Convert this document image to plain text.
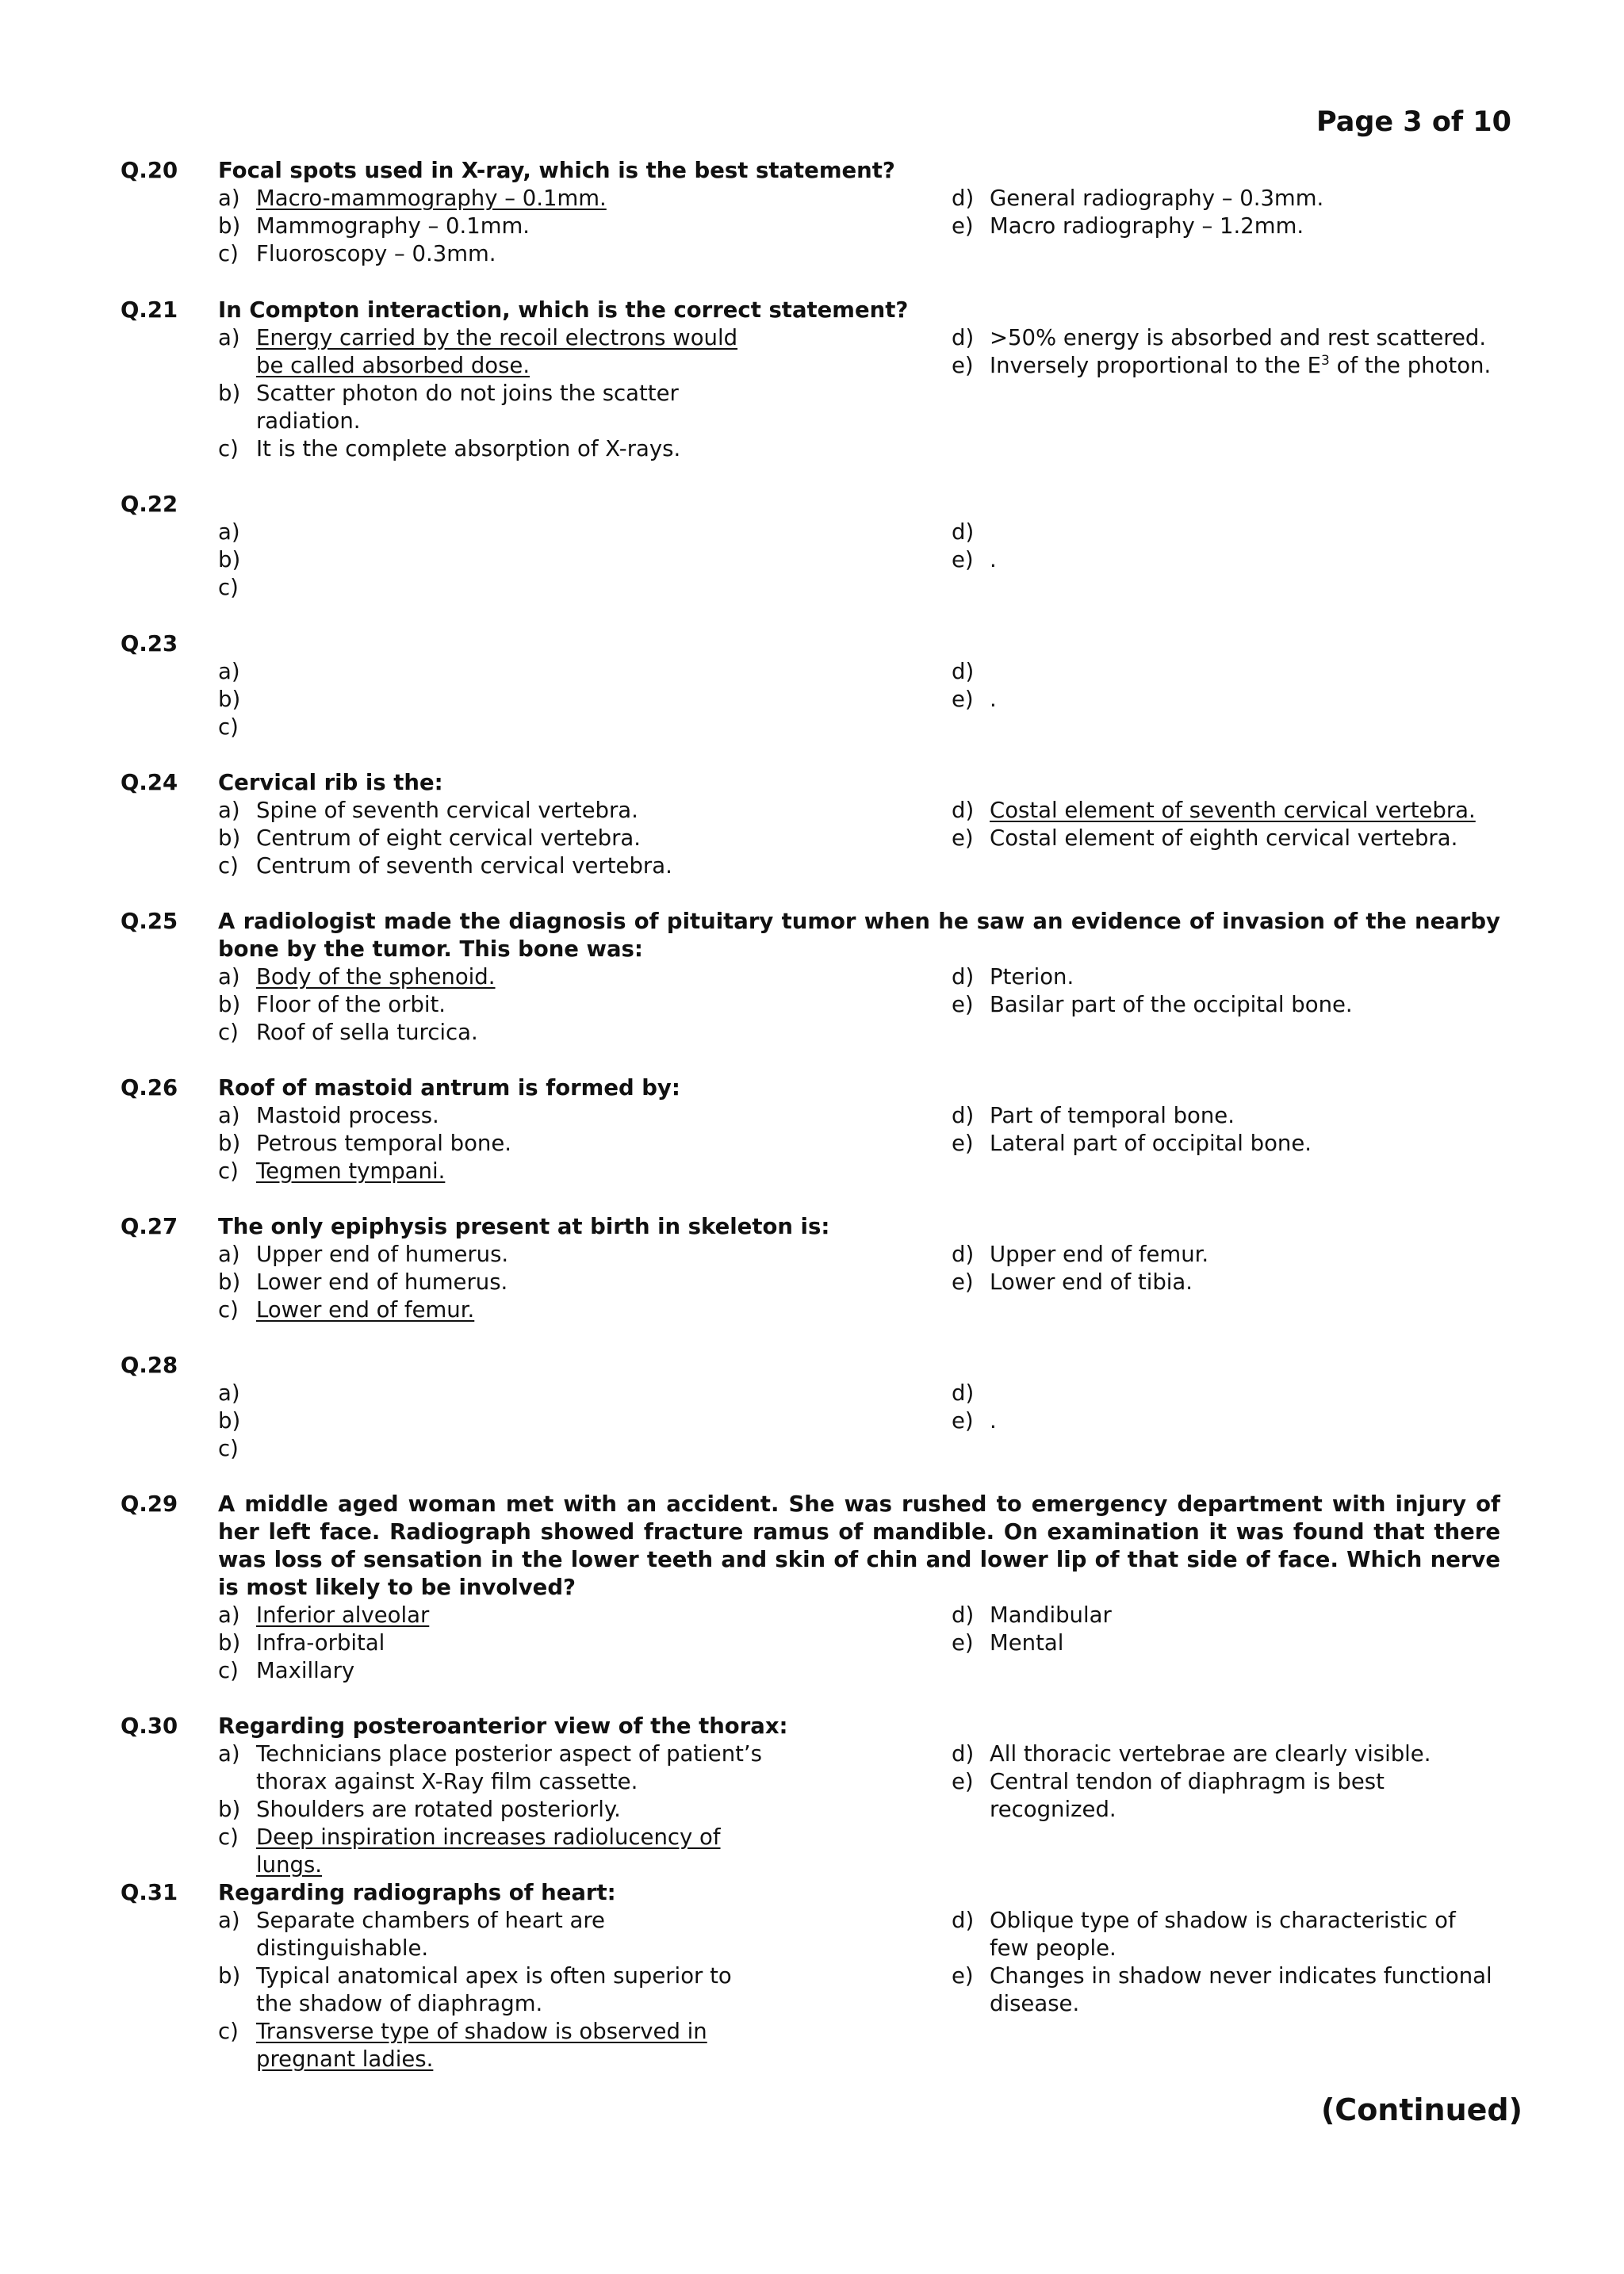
Page 3 of 10
Q.20	Focal spots used in X-ray, which is the best statement?
a) Macro-mammography – 0.1mm.
b) Mammography – 0.1mm.
c) Fluoroscopy – 0.3mm.
d) General radiography – 0.3mm.
e) Macro radiography – 1.2mm.
Q.21	In Compton interaction, which is the correct statement?
a) Energy carried by the recoil electrons would be called absorbed dose.
b) Scatter photon do not joins the scatter radiation.
c) It is the complete absorption of X-rays.
d) >50% energy is absorbed and rest scattered.
e) Inversely proportional to the $E^3$ of the photon.
Q.22
a)
b)
c)
d)
e) .
Q.23
a)
b)
c)
d)
e) .
Q.24	Cervical rib is the:
a) Spine of seventh cervical vertebra.
b) Centrum of eight cervical vertebra.
c) Centrum of seventh cervical vertebra.
d) Costal element of seventh cervical vertebra.
e) Costal element of eighth cervical vertebra.
Q.25	A radiologist made the diagnosis of pituitary tumor when he saw an evidence of invasion of the nearby bone by the tumor. This bone was:
a) Body of the sphenoid.
b) Floor of the orbit.
c) Roof of sella turcica.
d) Pterion.
e) Basilar part of the occipital bone.
Q.26	Roof of mastoid antrum is formed by:
a) Mastoid process.
b) Petrous temporal bone.
c) Tegmen tympani.
d) Part of temporal bone.
e) Lateral part of occipital bone.
Q.27	The only epiphysis present at birth in skeleton is:
a) Upper end of humerus.
b) Lower end of humerus.
c) Lower end of femur.
d) Upper end of femur.
e) Lower end of tibia.
Q.28
a)
b)
c)
d)
e) .
Q.29	A middle aged woman met with an accident. She was rushed to emergency department with injury of her left face. Radiograph showed fracture ramus of mandible. On examination it was found that there was loss of sensation in the lower teeth and skin of chin and lower lip of that side of face. Which nerve is most likely to be involved?
a) Inferior alveolar
b) Infra-orbital
c) Maxillary
d) Mandibular
e) Mental
Q.30	Regarding posteroanterior view of the thorax:
a) Technicians place posterior aspect of patient’s thorax against X-Ray film cassette.
b) Shoulders are rotated posteriorly.
c) Deep inspiration increases radiolucency of lungs.
d) All thoracic vertebrae are clearly visible.
e) Central tendon of diaphragm is best recognized.
Q.31	Regarding radiographs of heart:
a) Separate chambers of heart are distinguishable.
b) Typical anatomical apex is often superior to the shadow of diaphragm.
c) Transverse type of shadow is observed in pregnant ladies.
d) Oblique type of shadow is characteristic of few people.
e) Changes in shadow never indicates functional disease.
(Continued)
